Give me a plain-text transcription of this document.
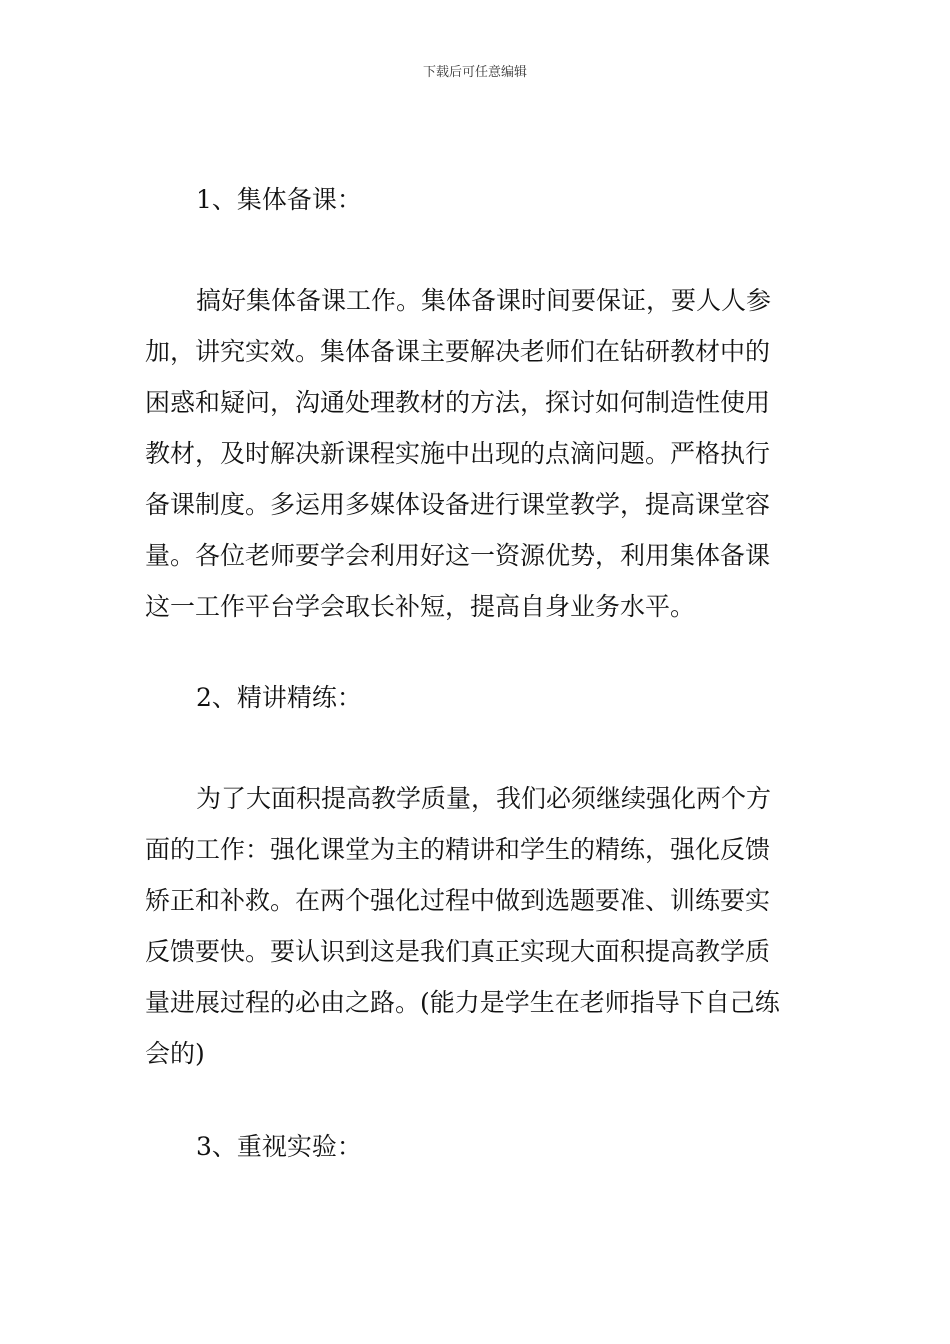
下载后可任意编辑
1、集体备课：
搞好集体备课工作。集体备课时间要保证，要人人参
加，讲究实效。集体备课主要解决老师们在钻研教材中的
困惑和疑问，沟通处理教材的方法，探讨如何制造性使用
教材，及时解决新课程实施中出现的点滴问题。严格执行
备课制度。多运用多媒体设备进行课堂教学，提高课堂容
量。各位老师要学会利用好这一资源优势，利用集体备课
这一工作平台学会取长补短，提高自身业务水平。
2、精讲精练：
为了大面积提高教学质量，我们必须继续强化两个方
面的工作：强化课堂为主的精讲和学生的精练，强化反馈
矫正和补救。在两个强化过程中做到选题要准、训练要实
反馈要快。要认识到这是我们真正实现大面积提高教学质
量进展过程的必由之路。(能力是学生在老师指导下自己练
会的)
3、重视实验：
